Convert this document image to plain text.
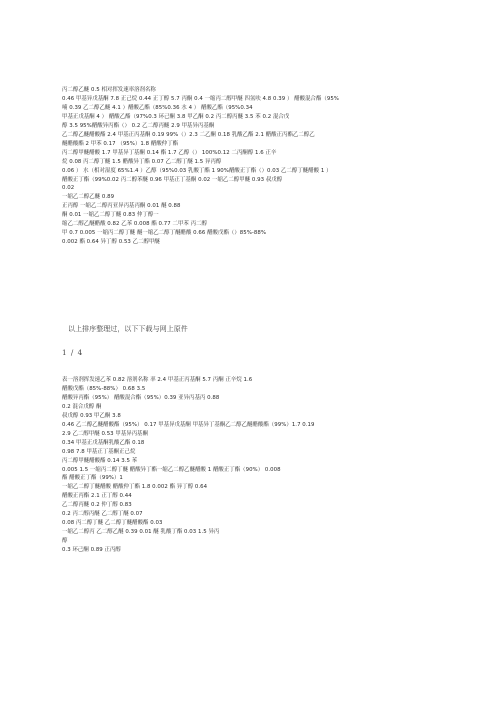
丙二醇乙醚 0.5 相对挥发速率溶剂名称
0.46 甲基异戊基酮 7.8 正己烷 0.44 正丁醇 5.7 丙酮 0.4 一缩丙二醇甲醚 四氢呋 4.8 0.39 ） 醋酸混合酯（95%
喃 0.39 乙二醇乙醚 4.1 ）醋酸乙酯（85%0.36 水 4 ） 醋酸乙酯（95%0.34
甲基正戊基酮 4 ） 醋酸乙酯（97%0.3 环己酮 3.8 甲乙酮 0.2 丙二醇丙醚 3.5 苯 0.2 混合戊
醇 3.5 95%醋酸异丙酯（） 0.2 乙二醇丙醚 2.9 甲基异丙基酮
乙二醇乙醚醋酸酯 2.4 甲基正丙基酮 0.19 99%（）2.3 二乙酮 0.18 乳酸乙酯 2.1 醋酸正丙酯乙二醇乙
醚醋酸酯 2 甲苯 0.17 （95%）1.8 醋酸仲丁酯
丙二醇甲醚醋酸 1.7 甲基异丁基酮 0.14 酯 1.7 乙醇（） 100%0.12 二丙酮醇 1.6 正辛
烷 0.08 丙二醇丁醚 1.5 醋酸异丁酯 0.07 乙二醇丁醚 1.5 异丙醇
0.06 ） 水（相对湿度 65%1.4 ）乙醇（95%0.03 乳酸丁酯 1 90%醋酸正丁酯（）0.03 乙二醇丁醚醋酸 1 ）
醋酸正丁酯（99%0.02 丙二醇苯醚 0.96 甲基正丁基酮 0.02 一缩乙二醇甲醚 0.93 叔戊醇
0.02
一缩乙二醇乙醚 0.89
正丙醇 一缩乙二醇丙亚异丙基丙酮 0.01 醚 0.88
酮 0.01 一缩乙二醇丁醚 0.83 仲丁醇一
缩乙二醇乙醚醋酸 0.82 乙苯 0.008 酯 0.77 二甲苯 丙二醇
甲 0.7 0.005 一缩丙二醇丁醚 醚一缩乙二醇丁醚醋酸 0.66 醋酸戊酯（）85%-88%
0.002 酯 0.64 异丁醇 0.53 乙二醇甲醚
以上排序整理过，以下下载与网上原件
1 / 4
表一溶剂挥发速乙苯 0.82 溶剂名称 率 2.4 甲基正丙基酮 5.7 丙酮 正辛烷 1.6
醋酸戊酯（85%-88%） 0.68 3.5
醋酸异丙酯（95%） 醋酸混合酯（95%）0.39 亚异丙基丙 0.88
0.2 混合戊醇 酮
叔戊醇 0.93 甲乙酮 3.8
0.46 乙二醇乙醚醋酸酯（95%） 0.17 甲基异戊基酮 甲基异丁基酮乙二醇乙醚醋酸酯（99%）1.7 0.19
2.9 乙二醇甲醚 0.53 甲基异丙基酮
0.34 甲基正戊基酮乳酸乙酯 0.18
0.98 7.8 甲基正丁基酮正己烷
丙二醇甲醚醋酸酯 0.14 3.5 苯
0.005 1.5 一缩丙二醇丁醚 醋酸异丁酯一缩乙二醇乙醚醋酸 1 醋酸正丁酯（90%） 0.008
酯 醋酸正丁酯（99%）1
一缩乙二醇丁醚醋酸 醋酸仲丁酯 1.8 0.002 酯 异丁醇 0.64
醋酸正丙酯 2.1 正丁醇 0.44
乙二醇丙醚 0.2 仲丁醇 0.83
0.2 丙二醇丙醚 乙二醇丁醚 0.07
0.08 丙二醇丁醚 乙二醇丁醚醋酸酯 0.03
一缩乙二醇丙 乙二醇乙醚 0.39 0.01 醚 乳酸丁酯 0.03 1.5 异丙
醇
0.3 环己酮 0.89 正丙醇
